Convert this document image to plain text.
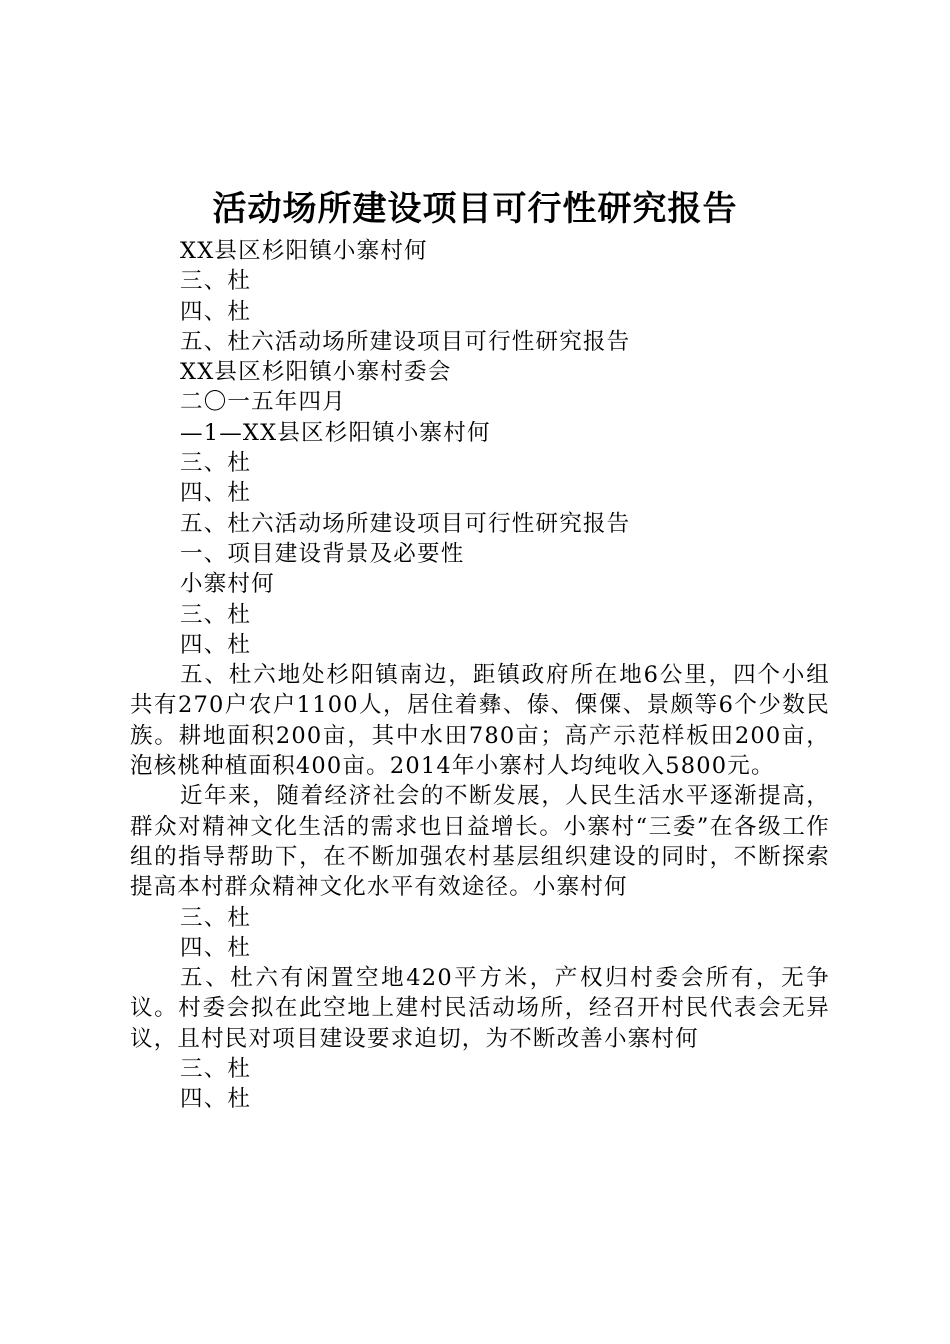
活动场所建设项目可行性研究报告
XX县区杉阳镇小寨村何
三、杜
四、杜
五、杜六活动场所建设项目可行性研究报告
XX县区杉阳镇小寨村委会
二〇一五年四月
—1—XX县区杉阳镇小寨村何
三、杜
四、杜
五、杜六活动场所建设项目可行性研究报告
一、项目建设背景及必要性
小寨村何
三、杜
四、杜
五、杜六地处杉阳镇南边，距镇政府所在地6公里，四个小组共有270户农户1100人，居住着彝、傣、傈僳、景颇等6个少数民族。耕地面积200亩，其中水田780亩；高产示范样板田200亩，泡核桃种植面积400亩。2014年小寨村人均纯收入5800元。
近年来，随着经济社会的不断发展，人民生活水平逐渐提高，群众对精神文化生活的需求也日益增长。小寨村“三委”在各级工作组的指导帮助下，在不断加强农村基层组织建设的同时，不断探索提高本村群众精神文化水平有效途径。小寨村何
三、杜
四、杜
五、杜六有闲置空地420平方米，产权归村委会所有，无争议。村委会拟在此空地上建村民活动场所，经召开村民代表会无异议，且村民对项目建设要求迫切，为不断改善小寨村何
三、杜
四、杜
